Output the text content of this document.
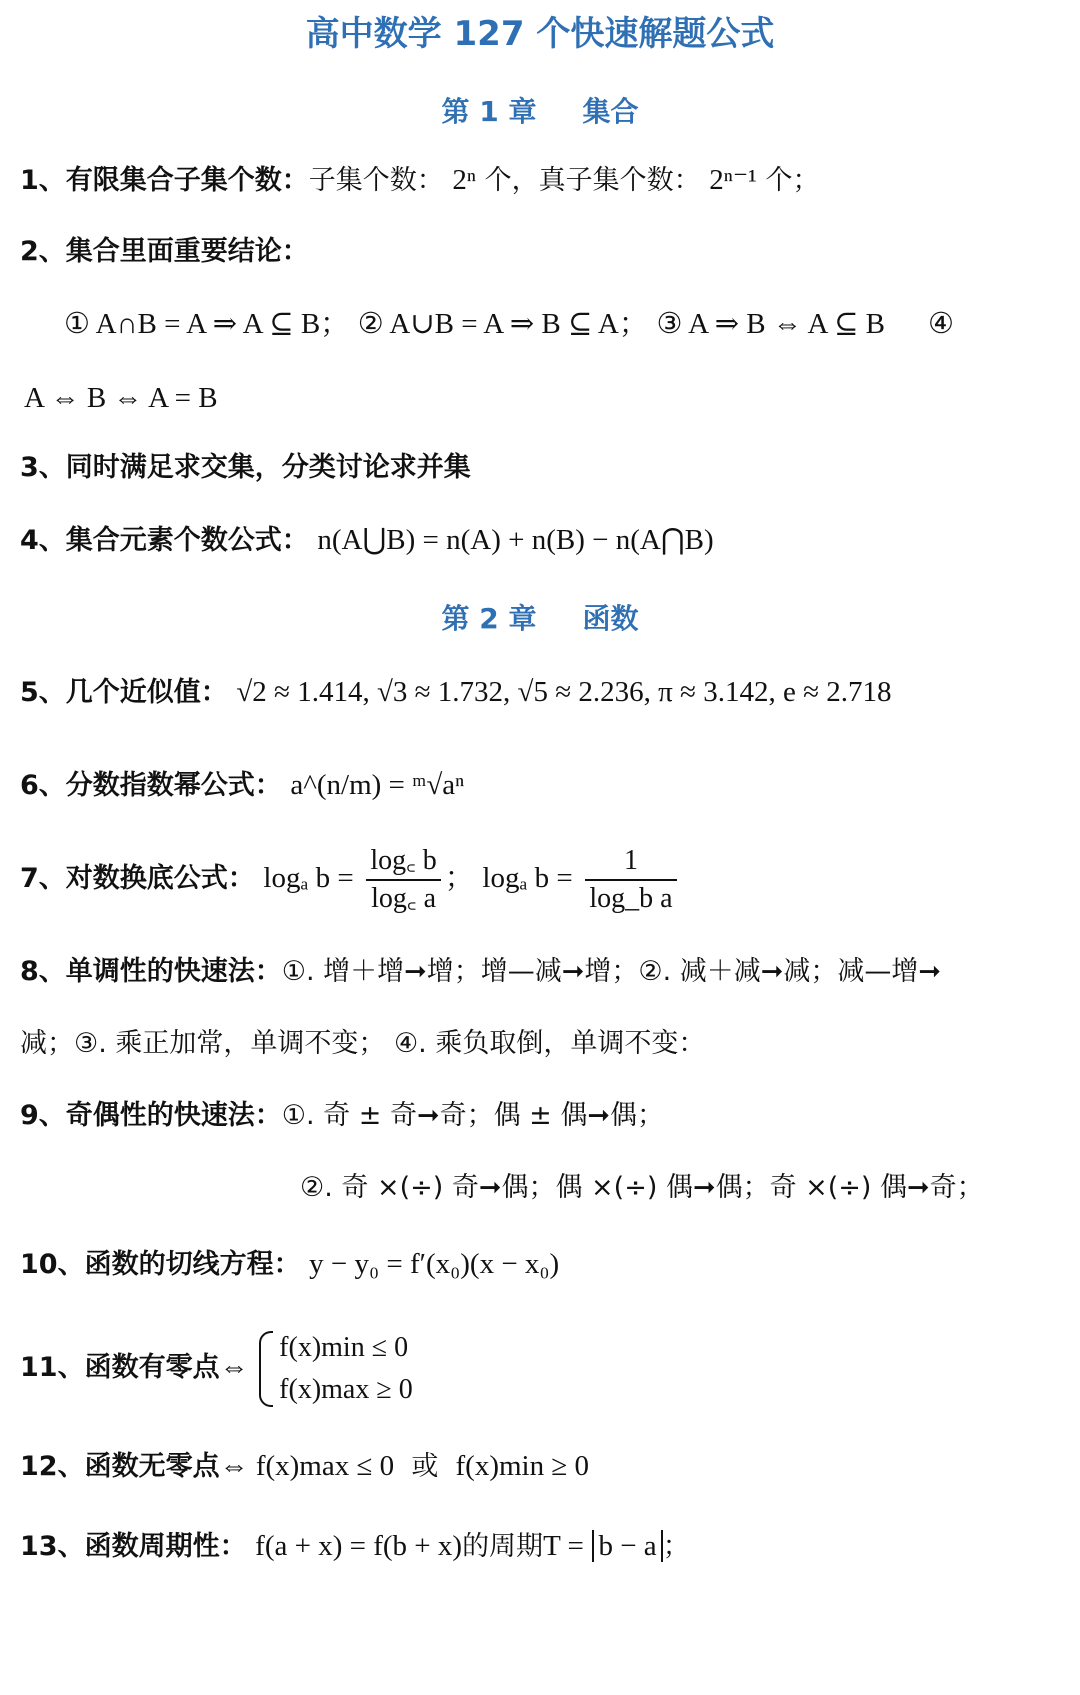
高中数学 127 个快速解题公式
第 1 章 集合
1、有限集合子集个数：子集个数： 2ⁿ 个，真子集个数： 2ⁿ⁻¹ 个；
2、集合里面重要结论：
① A∩B = A ⇒ A ⊆ B； ② A∪B = A ⇒ B ⊆ A； ③ A ⇒ B ⇔ A ⊆ B ④
A ⇔ B ⇔ A = B
3、同时满足求交集，分类讨论求并集
4、集合元素个数公式： n(A⋃B) = n(A) + n(B) − n(A⋂B)
第 2 章 函数
5、几个近似值： √2 ≈ 1.414, √3 ≈ 1.732, √5 ≈ 2.236, π ≈ 3.142, e ≈ 2.718
6、分数指数幂公式： a^(n/m) = ᵐ√aⁿ
7、对数换底公式： logₐ $b = \frac{\log꜀ b}{\log꜀ a}$ ； logₐ $b = \frac{1}{\text{log\_b a}}$
8、单调性的快速法：①. 增＋增➞增；增—减➞增；②. 减＋减➞减；减—增➞
减；③. 乘正加常，单调不变； ④. 乘负取倒，单调不变：
9、奇偶性的快速法：①. 奇 ± 奇➞奇；偶 ± 偶➞偶；
②. 奇 ×(÷) 奇➞偶；偶 ×(÷) 偶➞偶；奇 ×(÷) 偶➞奇；
10、函数的切线方程： y − y₀ = f′(x₀)(x − x₀)
11、函数有零点⇔
f(x)min ≤ 0
f(x)max ≥ 0
12、函数无零点⇔ f(x)max ≤ 0 或 f(x)min ≥ 0
13、函数周期性： f(a + x) = f(b + x)的周期T = b − a ；
